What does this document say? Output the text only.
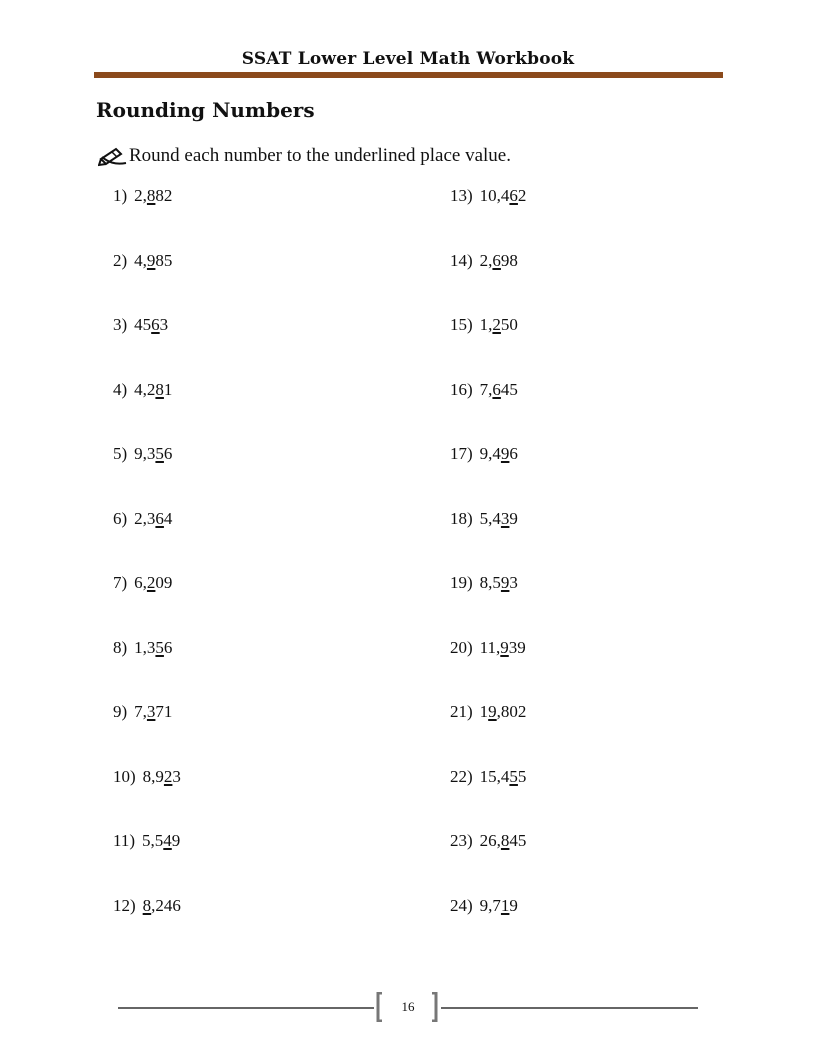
SSAT Lower Level Math Workbook
Rounding Numbers
Round each number to the underlined place value.
1) 2,882
2) 4,985
3) 4563
4) 4,281
5) 9,356
6) 2,364
7) 6,209
8) 1,356
9) 7,371
10) 8,923
11) 5,549
12) 8,246
13) 10,462
14) 2,698
15) 1,250
16) 7,645
17) 9,496
18) 5,439
19) 8,593
20) 11,939
21) 19,802
22) 15,455
23) 26,845
24) 9,719
16
